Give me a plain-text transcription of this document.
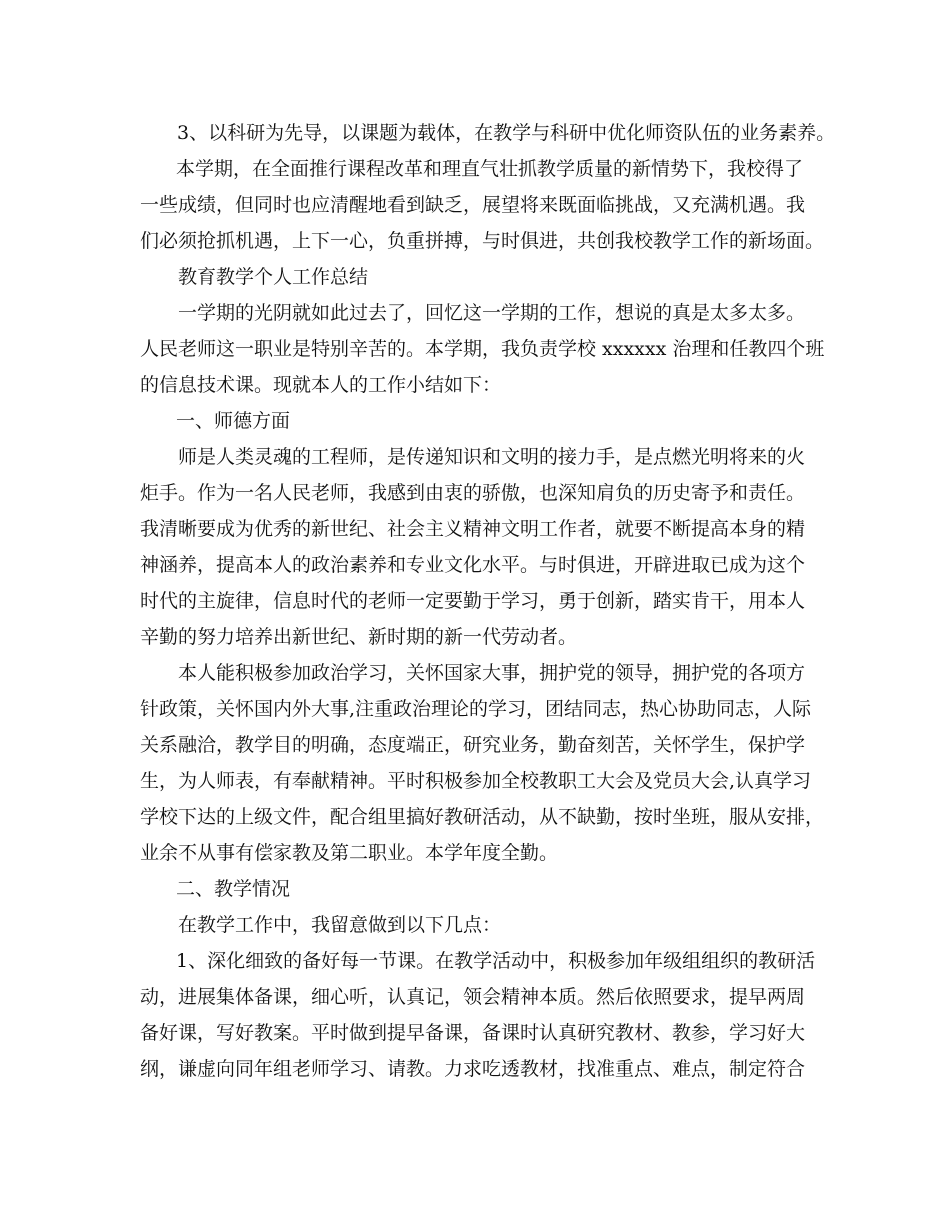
3、以科研为先导，以课题为载体，在教学与科研中优化师资队伍的业务素养。
本学期，在全面推行课程改革和理直气壮抓教学质量的新情势下，我校得了
一些成绩，但同时也应清醒地看到缺乏，展望将来既面临挑战，又充满机遇。我
们必须抢抓机遇，上下一心，负重拼搏，与时俱进，共创我校教学工作的新场面。
教育教学个人工作总结
一学期的光阴就如此过去了，回忆这一学期的工作，想说的真是太多太多。
人民老师这一职业是特别辛苦的。本学期，我负责学校 xxxxxx 治理和任教四个班
的信息技术课。现就本人的工作小结如下：
一、师德方面
师是人类灵魂的工程师，是传递知识和文明的接力手，是点燃光明将来的火
炬手。作为一名人民老师，我感到由衷的骄傲，也深知肩负的历史寄予和责任。
我清晰要成为优秀的新世纪、社会主义精神文明工作者，就要不断提高本身的精
神涵养，提高本人的政治素养和专业文化水平。与时俱进，开辟进取已成为这个
时代的主旋律，信息时代的老师一定要勤于学习，勇于创新，踏实肯干，用本人
辛勤的努力培养出新世纪、新时期的新一代劳动者。
本人能积极参加政治学习，关怀国家大事，拥护党的领导，拥护党的各项方
针政策，关怀国内外大事,注重政治理论的学习，团结同志，热心协助同志，人际
关系融洽，教学目的明确，态度端正，研究业务，勤奋刻苦，关怀学生，保护学
生，为人师表，有奉献精神。平时积极参加全校教职工大会及党员大会,认真学习
学校下达的上级文件，配合组里搞好教研活动，从不缺勤，按时坐班，服从安排，
业余不从事有偿家教及第二职业。本学年度全勤。
二、教学情况
在教学工作中，我留意做到以下几点：
1、深化细致的备好每一节课。在教学活动中，积极参加年级组组织的教研活
动，进展集体备课，细心听，认真记，领会精神本质。然后依照要求，提早两周
备好课，写好教案。平时做到提早备课，备课时认真研究教材、教参，学习好大
纲，谦虚向同年组老师学习、请教。力求吃透教材，找准重点、难点，制定符合
